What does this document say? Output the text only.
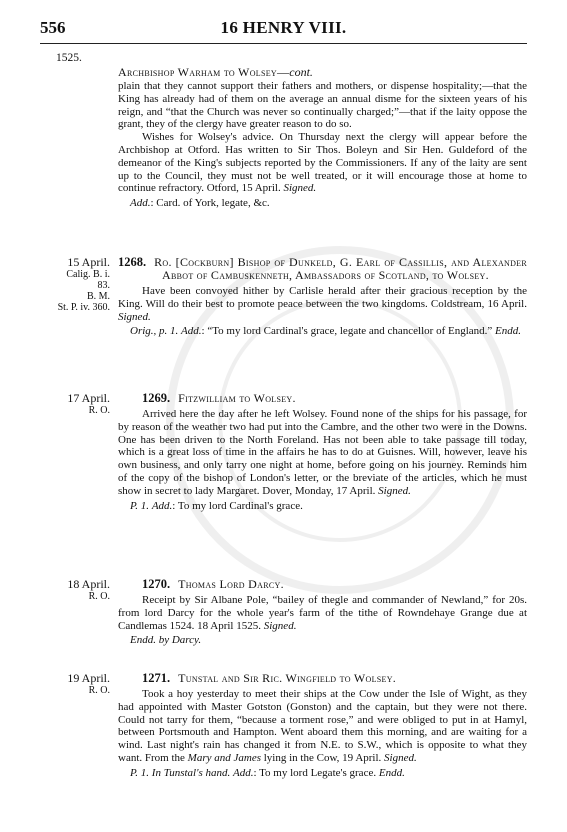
556	16 HENRY VIII.
1525.

Archbishop Warham to Wolsey—cont.

plain that they cannot support their fathers and mothers, or dispense hospitality;—that the King has already had of them on the average an annual disme for the sixteen years of his reign, and “that the Church was never so continually charged;”—that if the laity oppose the grant, they of the clergy have greater reason to do so.

Wishes for Wolsey's advice. On Thursday next the clergy will appear before the Archbishop at Otford. Has written to Sir Thos. Boleyn and Sir Hen. Guldeford of the demeanor of the King's subjects reported by the Commissioners. If any of the laity are sent up to the Council, they must not be well treated, or it will encourage those at home to continue refractory. Otford, 15 April. Signed.

Add.: Card. of York, legate, &c.

15 April.
Calig. B. i.
83.
B. M.
St. P. iv. 360.

1268. Ro. [Cockburn] Bishop of Dunkeld, G. Earl of Cassillis, and Alexander Abbot of Cambuskenneth, Ambassadors of Scotland, to Wolsey.

Have been convoyed hither by Carlisle herald after their gracious reception by the King. Will do their best to promote peace between the two kingdoms. Coldstream, 16 April. Signed.

Orig., p. 1. Add.: “To my lord Cardinal's grace, legate and chancellor of England.” Endd.

17 April.
R. O.

1269. Fitzwilliam to Wolsey.

Arrived here the day after he left Wolsey. Found none of the ships for his passage, for by reason of the weather two had put into the Cambre, and the other two were in the Downs. One has been driven to the North Foreland. Has not been able to take passage till today, which is a great loss of time in the affairs he has to do at Guisnes. Will, however, leave his own business, and only tarry one night at home, before going on his journey. Reminds him of the copy of the bishop of London's letter, or the breviate of the articles, which he must show in secret to lady Margaret. Dover, Monday, 17 April. Signed.

P. 1. Add.: To my lord Cardinal's grace.

18 April.
R. O.

1270. Thomas Lord Darcy.

Receipt by Sir Albane Pole, “bailey of thegle and commander of Newland,” for 20s. from lord Darcy for the whole year's farm of the tithe of Rowndehaye Grange due at Candlemas 1524. 18 April 1525. Signed.

Endd. by Darcy.

19 April.
R. O.

1271. Tunstal and Sir Ric. Wingfield to Wolsey.

Took a hoy yesterday to meet their ships at the Cow under the Isle of Wight, as they had appointed with Master Gotston (Gonston) and the captain, but they were not there. Could not tarry for them, “because a torment rose,” and were obliged to put in at Hamyl, between Portsmouth and Hampton. Went aboard them this morning, and are waiting for a wind. Last night's rain has changed it from N.E. to S.W., which is opposite to what they want. From the Mary and James lying in the Cow, 19 April. Signed.

P. 1. In Tunstal's hand. Add.: To my lord Legate's grace. Endd.
